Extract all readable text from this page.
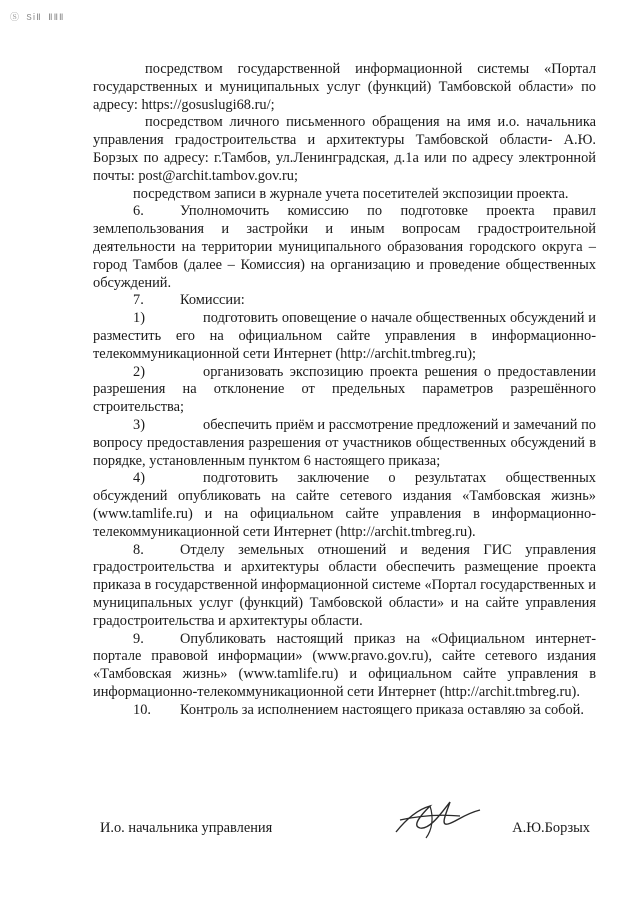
Ⓢ ЅⅰⅡ ⅡⅡⅡ

посредством государственной информационной системы «Портал государственных и муниципальных услуг (функций) Тамбовской области» по адресу: https://gosuslugi68.ru/;

посредством личного письменного обращения на имя и.о. начальника управления градостроительства и архитектуры Тамбовской области- А.Ю. Борзых по адресу: г.Тамбов, ул.Ленинградская, д.1а или по адресу электронной почты: post@archit.tambov.gov.ru;

посредством записи в журнале учета посетителей экспозиции проекта.

6.	Уполномочить комиссию по подготовке проекта правил землепользования и застройки и иным вопросам градостроительной деятельности на территории муниципального образования городского округа – город Тамбов (далее – Комиссия) на организацию и проведение общественных обсуждений.

7.	Комиссии:

1)	подготовить оповещение о начале общественных обсуждений и разместить его на официальном сайте управления в информационно-телекоммуникационной сети Интернет (http://archit.tmbreg.ru);

2)	организовать экспозицию проекта решения о предоставлении разрешения на отклонение от предельных параметров разрешённого строительства;

3)	обеспечить приём и рассмотрение предложений и замечаний по вопросу предоставления разрешения от участников общественных обсуждений в порядке, установленным пунктом 6 настоящего приказа;

4)	подготовить заключение о результатах общественных обсуждений опубликовать на сайте сетевого издания «Тамбовская жизнь» (www.tamlife.ru) и на официальном сайте управления в информационно-телекоммуникационной сети Интернет (http://archit.tmbreg.ru).

8.	Отделу земельных отношений и ведения ГИС управления градостроительства и архитектуры области обеспечить размещение проекта приказа в государственной информационной системе «Портал государственных и муниципальных услуг (функций) Тамбовской области» и на сайте управления градостроительства и архитектуры области.

9.	Опубликовать настоящий приказ на «Официальном интернет-портале правовой информации» (www.pravo.gov.ru), сайте сетевого издания «Тамбовская жизнь» (www.tamlife.ru) и официальном сайте управления в информационно-телекоммуникационной сети Интернет (http://archit.tmbreg.ru).

10. Контроль за исполнением настоящего приказа оставляю за собой.

И.о. начальника управления	А.Ю.Борзых
